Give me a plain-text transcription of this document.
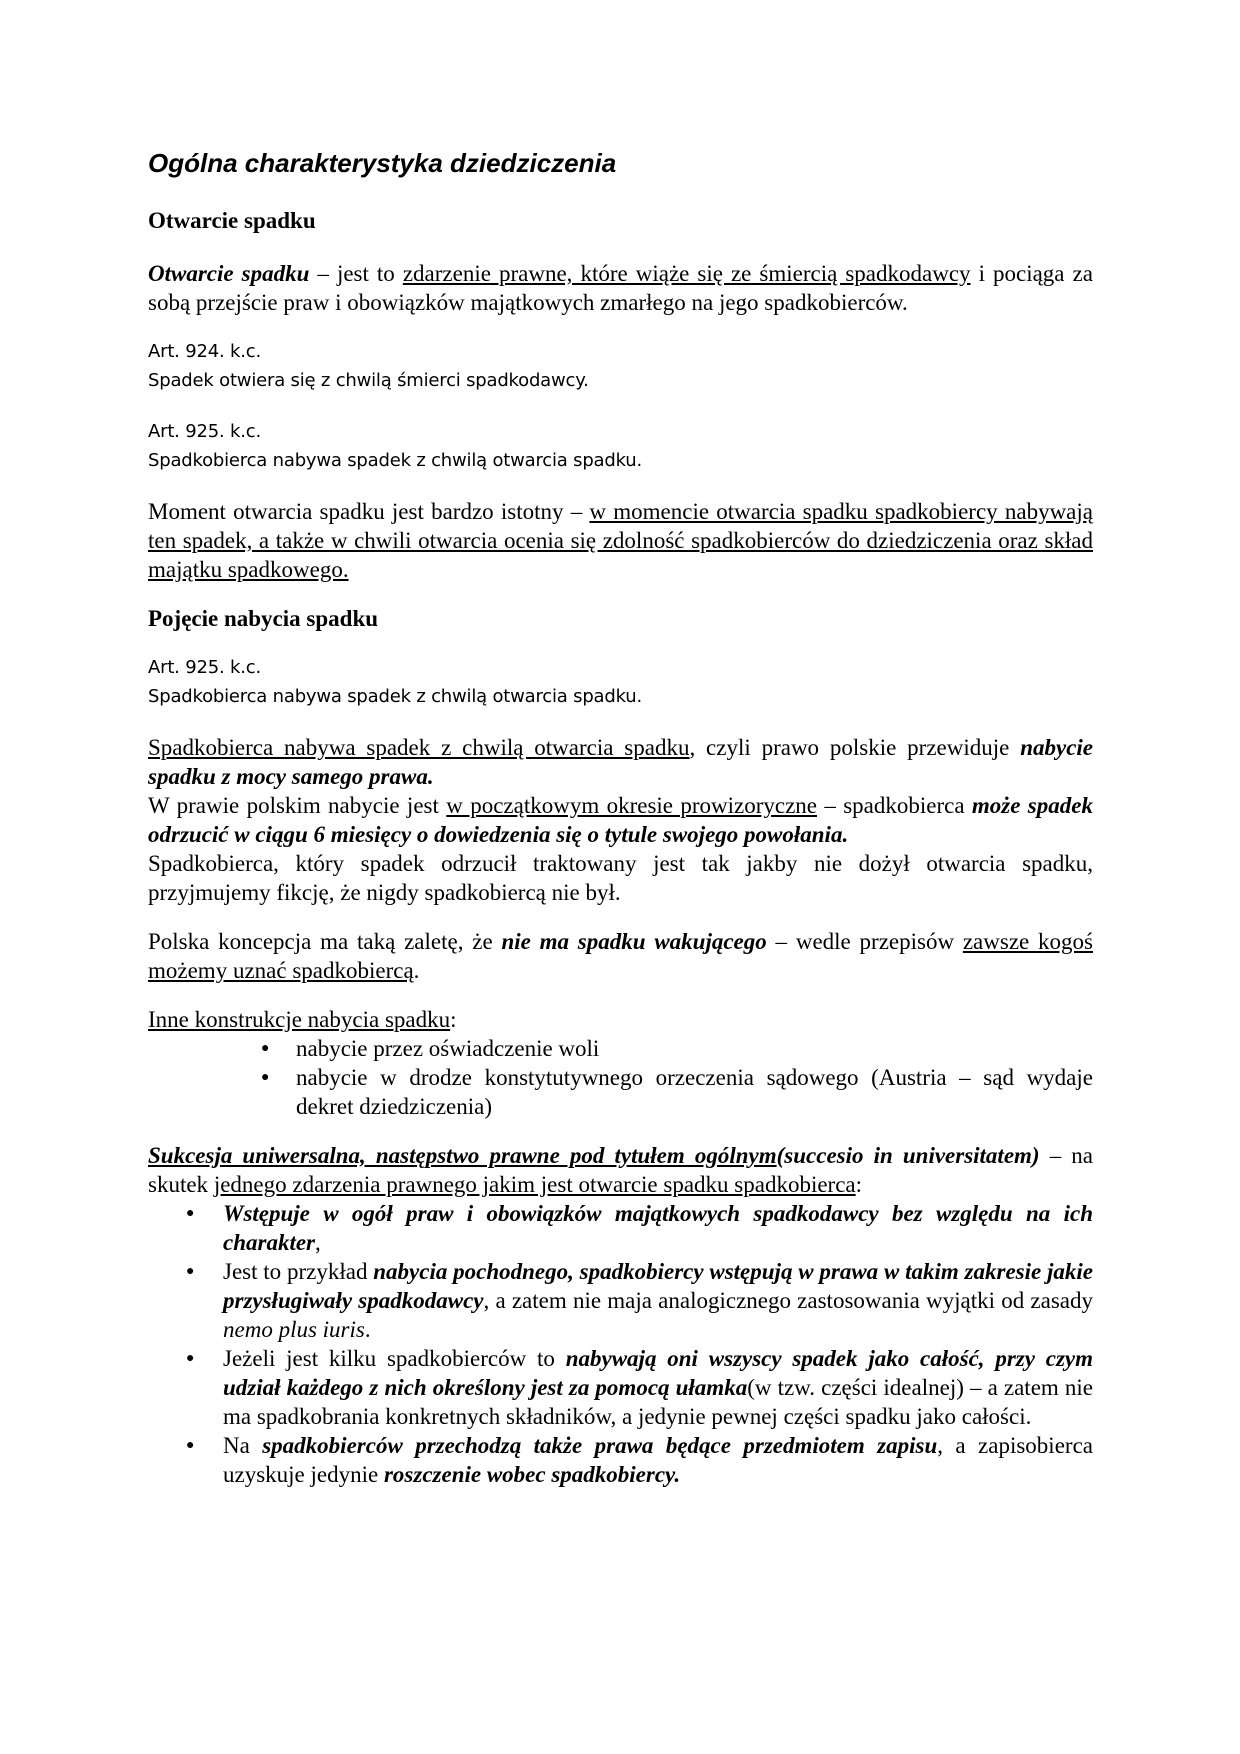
Ogólna charakterystyka dziedziczenia
Otwarcie spadku

Otwarcie spadku – jest to zdarzenie prawne, które wiąże się ze śmiercią spadkodawcy i pociąga za sobą przejście praw i obowiązków majątkowych zmarłego na jego spadkobierców.

Art. 924. k.c.
Spadek otwiera się z chwilą śmierci spadkodawcy.
Art. 925. k.c.
Spadkobierca nabywa spadek z chwilą otwarcia spadku.

Moment otwarcia spadku jest bardzo istotny – w momencie otwarcia spadku spadkobiercy nabywają ten spadek, a także w chwili otwarcia ocenia się zdolność spadkobierców do dziedziczenia oraz skład majątku spadkowego.

Pojęcie nabycia spadku
Art. 925. k.c.
Spadkobierca nabywa spadek z chwilą otwarcia spadku.

Spadkobierca nabywa spadek z chwilą otwarcia spadku, czyli prawo polskie przewiduje nabycie spadku z mocy samego prawa.

W prawie polskim nabycie jest w początkowym okresie prowizoryczne – spadkobierca może spadek odrzucić w ciągu 6 miesięcy o dowiedzenia się o tytule swojego powołania.

Spadkobierca, który spadek odrzucił traktowany jest tak jakby nie dożył otwarcia spadku, przyjmujemy fikcję, że nigdy spadkobiercą nie był.

Polska koncepcja ma taką zaletę, że nie ma spadku wakującego – wedle przepisów zawsze kogoś możemy uznać spadkobiercą.

Inne konstrukcje nabycia spadku:

● nabycie przez oświadczenie woli
● nabycie w drodze konstytutywnego orzeczenia sądowego (Austria – sąd wydaje dekret dziedziczenia)

Sukcesja uniwersalna, następstwo prawne pod tytułem ogólnym(succesio in universitatem) – na skutek jednego zdarzenia prawnego jakim jest otwarcie spadku spadkobierca:

● Wstępuje w ogół praw i obowiązków majątkowych spadkodawcy bez względu na ich charakter,
● Jest to przykład nabycia pochodnego, spadkobiercy wstępują w prawa w takim zakresie jakie przysługiwały spadkodawcy, a zatem nie maja analogicznego zastosowania wyjątki od zasady nemo plus iuris.
● Jeżeli jest kilku spadkobierców to nabywają oni wszyscy spadek jako całość, przy czym udział każdego z nich określony jest za pomocą ułamka(w tzw. części idealnej) – a zatem nie ma spadkobrania konkretnych składników, a jedynie pewnej części spadku jako całości.
● Na spadkobierców przechodzą także prawa będące przedmiotem zapisu, a zapisobierca uzyskuje jedynie roszczenie wobec spadkobiercy.
